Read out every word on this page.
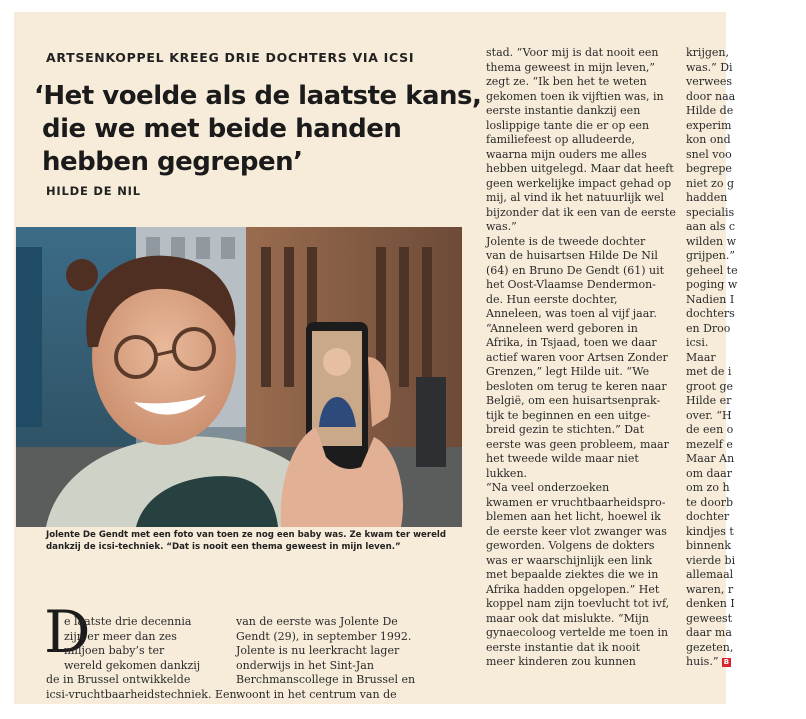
ARTSENKOPPEL KREEG DRIE DOCHTERS VIA ICSI
‘Het voelde als de laatste kans,
die we met beide handen
hebben gegrepen’
HILDE DE NIL
Jolente De Gendt met een foto van toen ze nog een baby was. Ze kwam ter wereld
dankzij de icsi-techniek. “Dat is nooit een thema geweest in mijn leven.”
D
e laatste drie decennia
zijn er meer dan zes
miljoen baby’s ter
wereld gekomen dankzij
de in Brussel ontwikkelde
icsi-vruchtbaarheidstechniek. Een
van de eerste was Jolente De
Gendt (29), in september 1992.
Jolente is nu leerkracht lager
onderwijs in het Sint-Jan
Berchmanscollege in Brussel en
woont in het centrum van de
stad. “Voor mij is dat nooit een
thema geweest in mijn leven,”
zegt ze. “Ik ben het te weten
gekomen toen ik vijftien was, in
eerste instantie dankzij een
loslippige tante die er op een
familiefeest op alludeerde,
waarna mijn ouders me alles
hebben uitgelegd. Maar dat heeft
geen werkelijke impact gehad op
mij, al vind ik het natuurlijk wel
bijzonder dat ik een van de eerste
was.”
Jolente is de tweede dochter
van de huisartsen Hilde De Nil
(64) en Bruno De Gendt (61) uit
het Oost-Vlaamse Dendermon-
de. Hun eerste dochter,
Anneleen, was toen al vijf jaar.
“Anneleen werd geboren in
Afrika, in Tsjaad, toen we daar
actief waren voor Artsen Zonder
Grenzen,” legt Hilde uit. “We
besloten om terug te keren naar
België, om een huisartsenprak-
tijk te beginnen en een uitge-
breid gezin te stichten.” Dat
eerste was geen probleem, maar
het tweede wilde maar niet
lukken.
“Na veel onderzoeken
kwamen er vruchtbaarheidspro-
blemen aan het licht, hoewel ik
de eerste keer vlot zwanger was
geworden. Volgens de dokters
was er waarschijnlijk een link
met bepaalde ziektes die we in
Afrika hadden opgelopen.” Het
koppel nam zijn toevlucht tot ivf,
maar ook dat mislukte. “Mijn
gynaecoloog vertelde me toen in
eerste instantie dat ik nooit
meer kinderen zou kunnen
krijgen,
was.” Di
verwees
door naa
Hilde de
experim
kon ond
snel voo
begrepe
niet zo g
hadden
specialis
aan als c
wilden w
grijpen.”
geheel te
poging w
Nadien I
dochters
en Droo
icsi.
Maar
met de i
groot ge
Hilde er
over. “H
de een o
mezelf e
Maar An
om daar
om zo h
te doorb
dochter
kindjes t
binnenk
vierde bi
allemaal
waren, r
denken I
geweest
daar ma
gezeten,
huis.” B
